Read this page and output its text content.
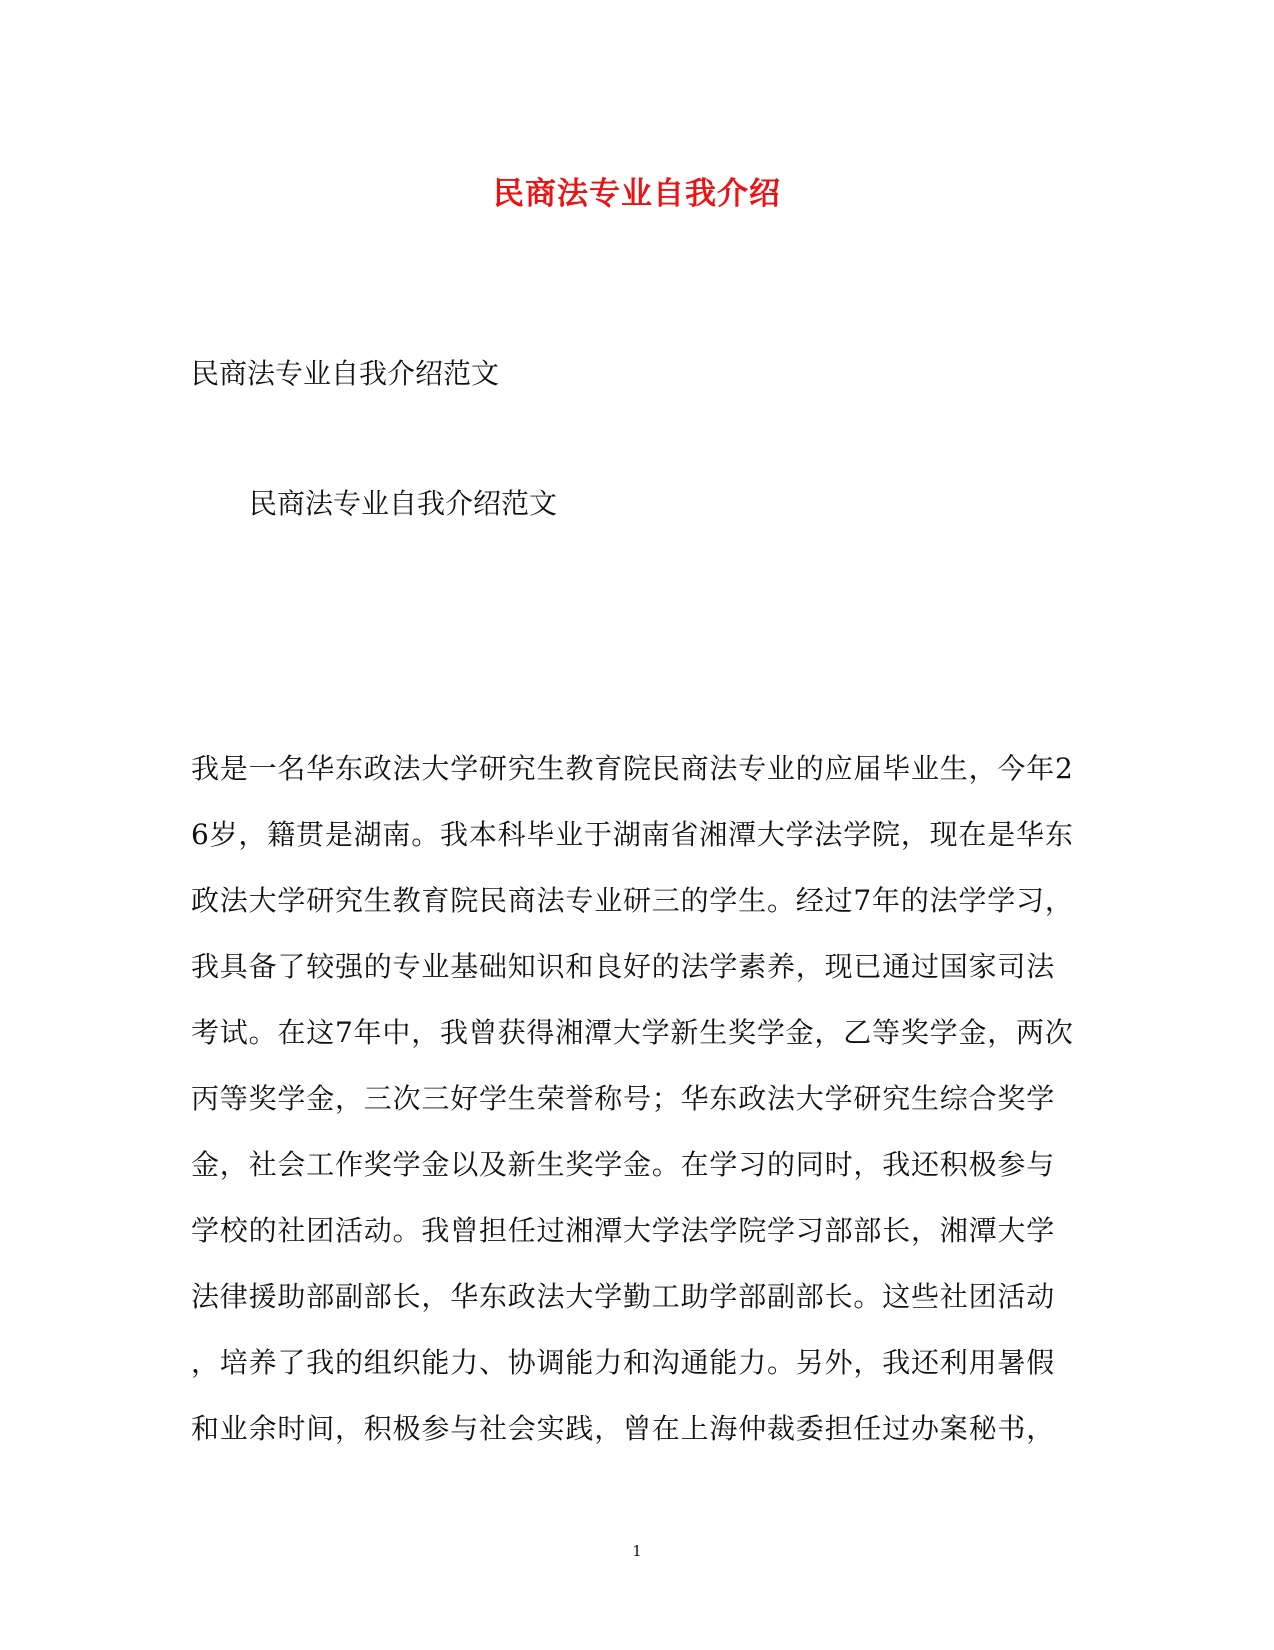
民商法专业自我介绍

民商法专业自我介绍范文

民商法专业自我介绍范文

我是一名华东政法大学研究生教育院民商法专业的应届毕业生，今年2
6岁，籍贯是湖南。我本科毕业于湖南省湘潭大学法学院，现在是华东
政法大学研究生教育院民商法专业研三的学生。经过7年的法学学习，
我具备了较强的专业基础知识和良好的法学素养，现已通过国家司法
考试。在这7年中，我曾获得湘潭大学新生奖学金，乙等奖学金，两次
丙等奖学金，三次三好学生荣誉称号；华东政法大学研究生综合奖学
金，社会工作奖学金以及新生奖学金。在学习的同时，我还积极参与
学校的社团活动。我曾担任过湘潭大学法学院学习部部长，湘潭大学
法律援助部副部长，华东政法大学勤工助学部副部长。这些社团活动
，培养了我的组织能力、协调能力和沟通能力。另外，我还利用暑假
和业余时间，积极参与社会实践，曾在上海仲裁委担任过办案秘书，

1
